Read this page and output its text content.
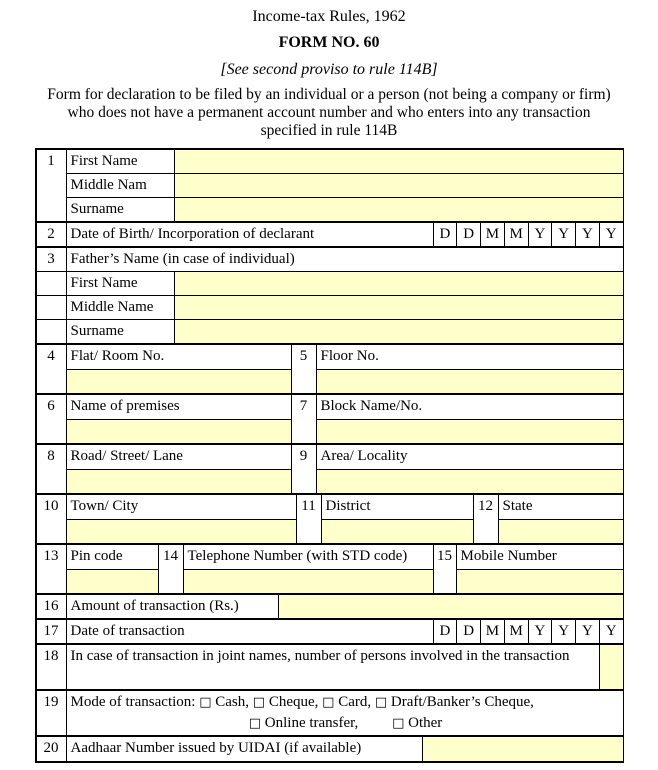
Income-tax Rules, 1962
FORM NO. 60
[See second proviso to rule 114B]
Form for declaration to be filed by an individual or a person (not being a company or firm) who does not have a permanent account number and who enters into any transaction specified in rule 114B
1	First Name	
	Middle Nam	
	Surname	
2	Date of Birth/ Incorporation of declarant	D	D	M	M	Y	Y	Y	Y
3	Father’s Name (in case of individual)	
	First Name	
	Middle Name	
	Surname	
4	Flat/ Room No.	5	Floor No.

6	Name of premises	7	Block Name/No.

8	Road/ Street/ Lane	9	Area/ Locality

10	Town/ City	11	District	12	State

13	Pin code	14	Telephone Number (with STD code)	15	Mobile Number

16	Amount of transaction (Rs.)	
17	Date of transaction	D	D	M	M	Y	Y	Y	Y
18	In case of transaction in joint names, number of persons involved in the transaction	
19	Mode of transaction: □ Cash, □ Cheque, □ Card, □ Draft/Banker’s Cheque,
□ Online transfer,	□ Other
20	Aadhaar Number issued by UIDAI (if available)	
